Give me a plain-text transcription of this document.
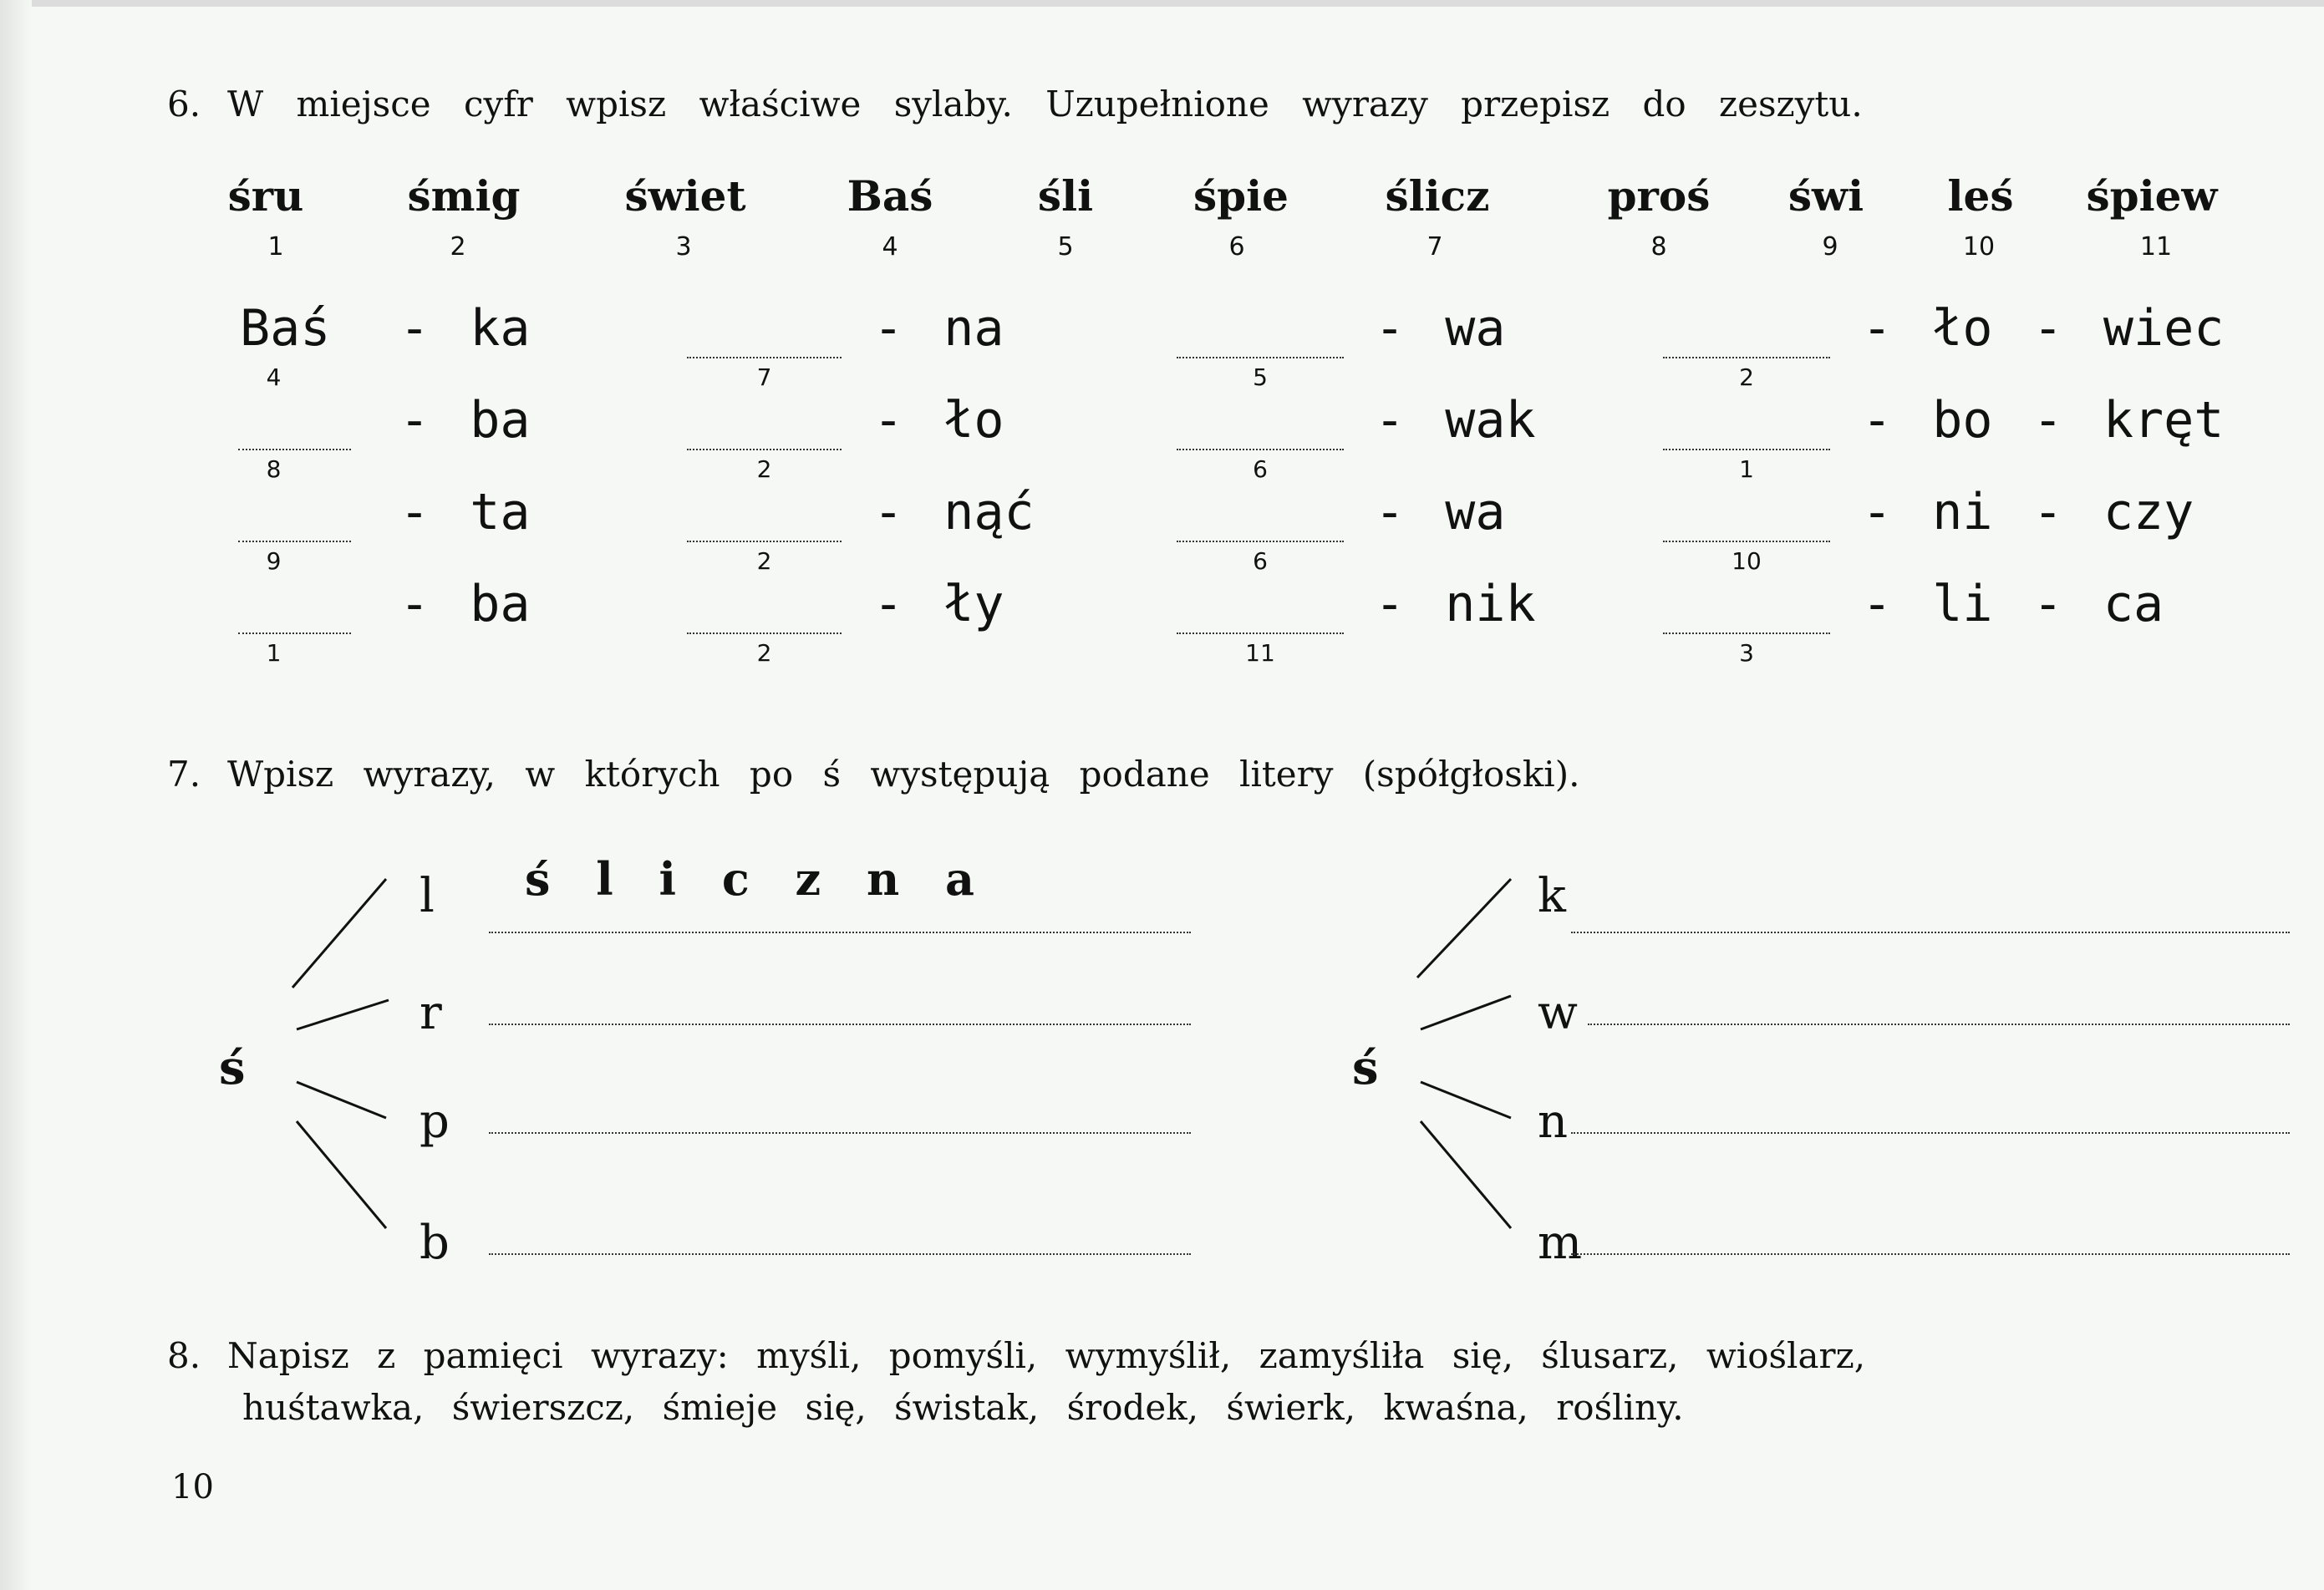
6. W miejsce cyfr wpisz właściwe sylaby. Uzupełnione wyrazy przepisz do zeszytu.
śru
1
śmig
2
świet
3
Baś
4
śli
5
śpie
6
ślicz
7
proś
8
świ
9
leś
10
śpiew
11
Baś
4
- ka
7
- na
5
- wa
2
- ło - wiec
8
- ba
2
- ło
6
- wak
1
- bo - kręt
9
- ta
2
- nąć
6
- wa
10
- ni - czy
1
- ba
2
- ły
11
- nik
3
- li - ca
7. Wpisz wyrazy, w których po ś występują podane litery (spółgłoski).
ś	ś
l
r
p
b
k
w
n
m
ś l i c z n a
8. Napisz z pamięci wyrazy: myśli, pomyśli, wymyślił, zamyśliła się, ślusarz, wioślarz,
huśtawka, świerszcz, śmieje się, świstak, środek, świerk, kwaśna, rośliny.
10
